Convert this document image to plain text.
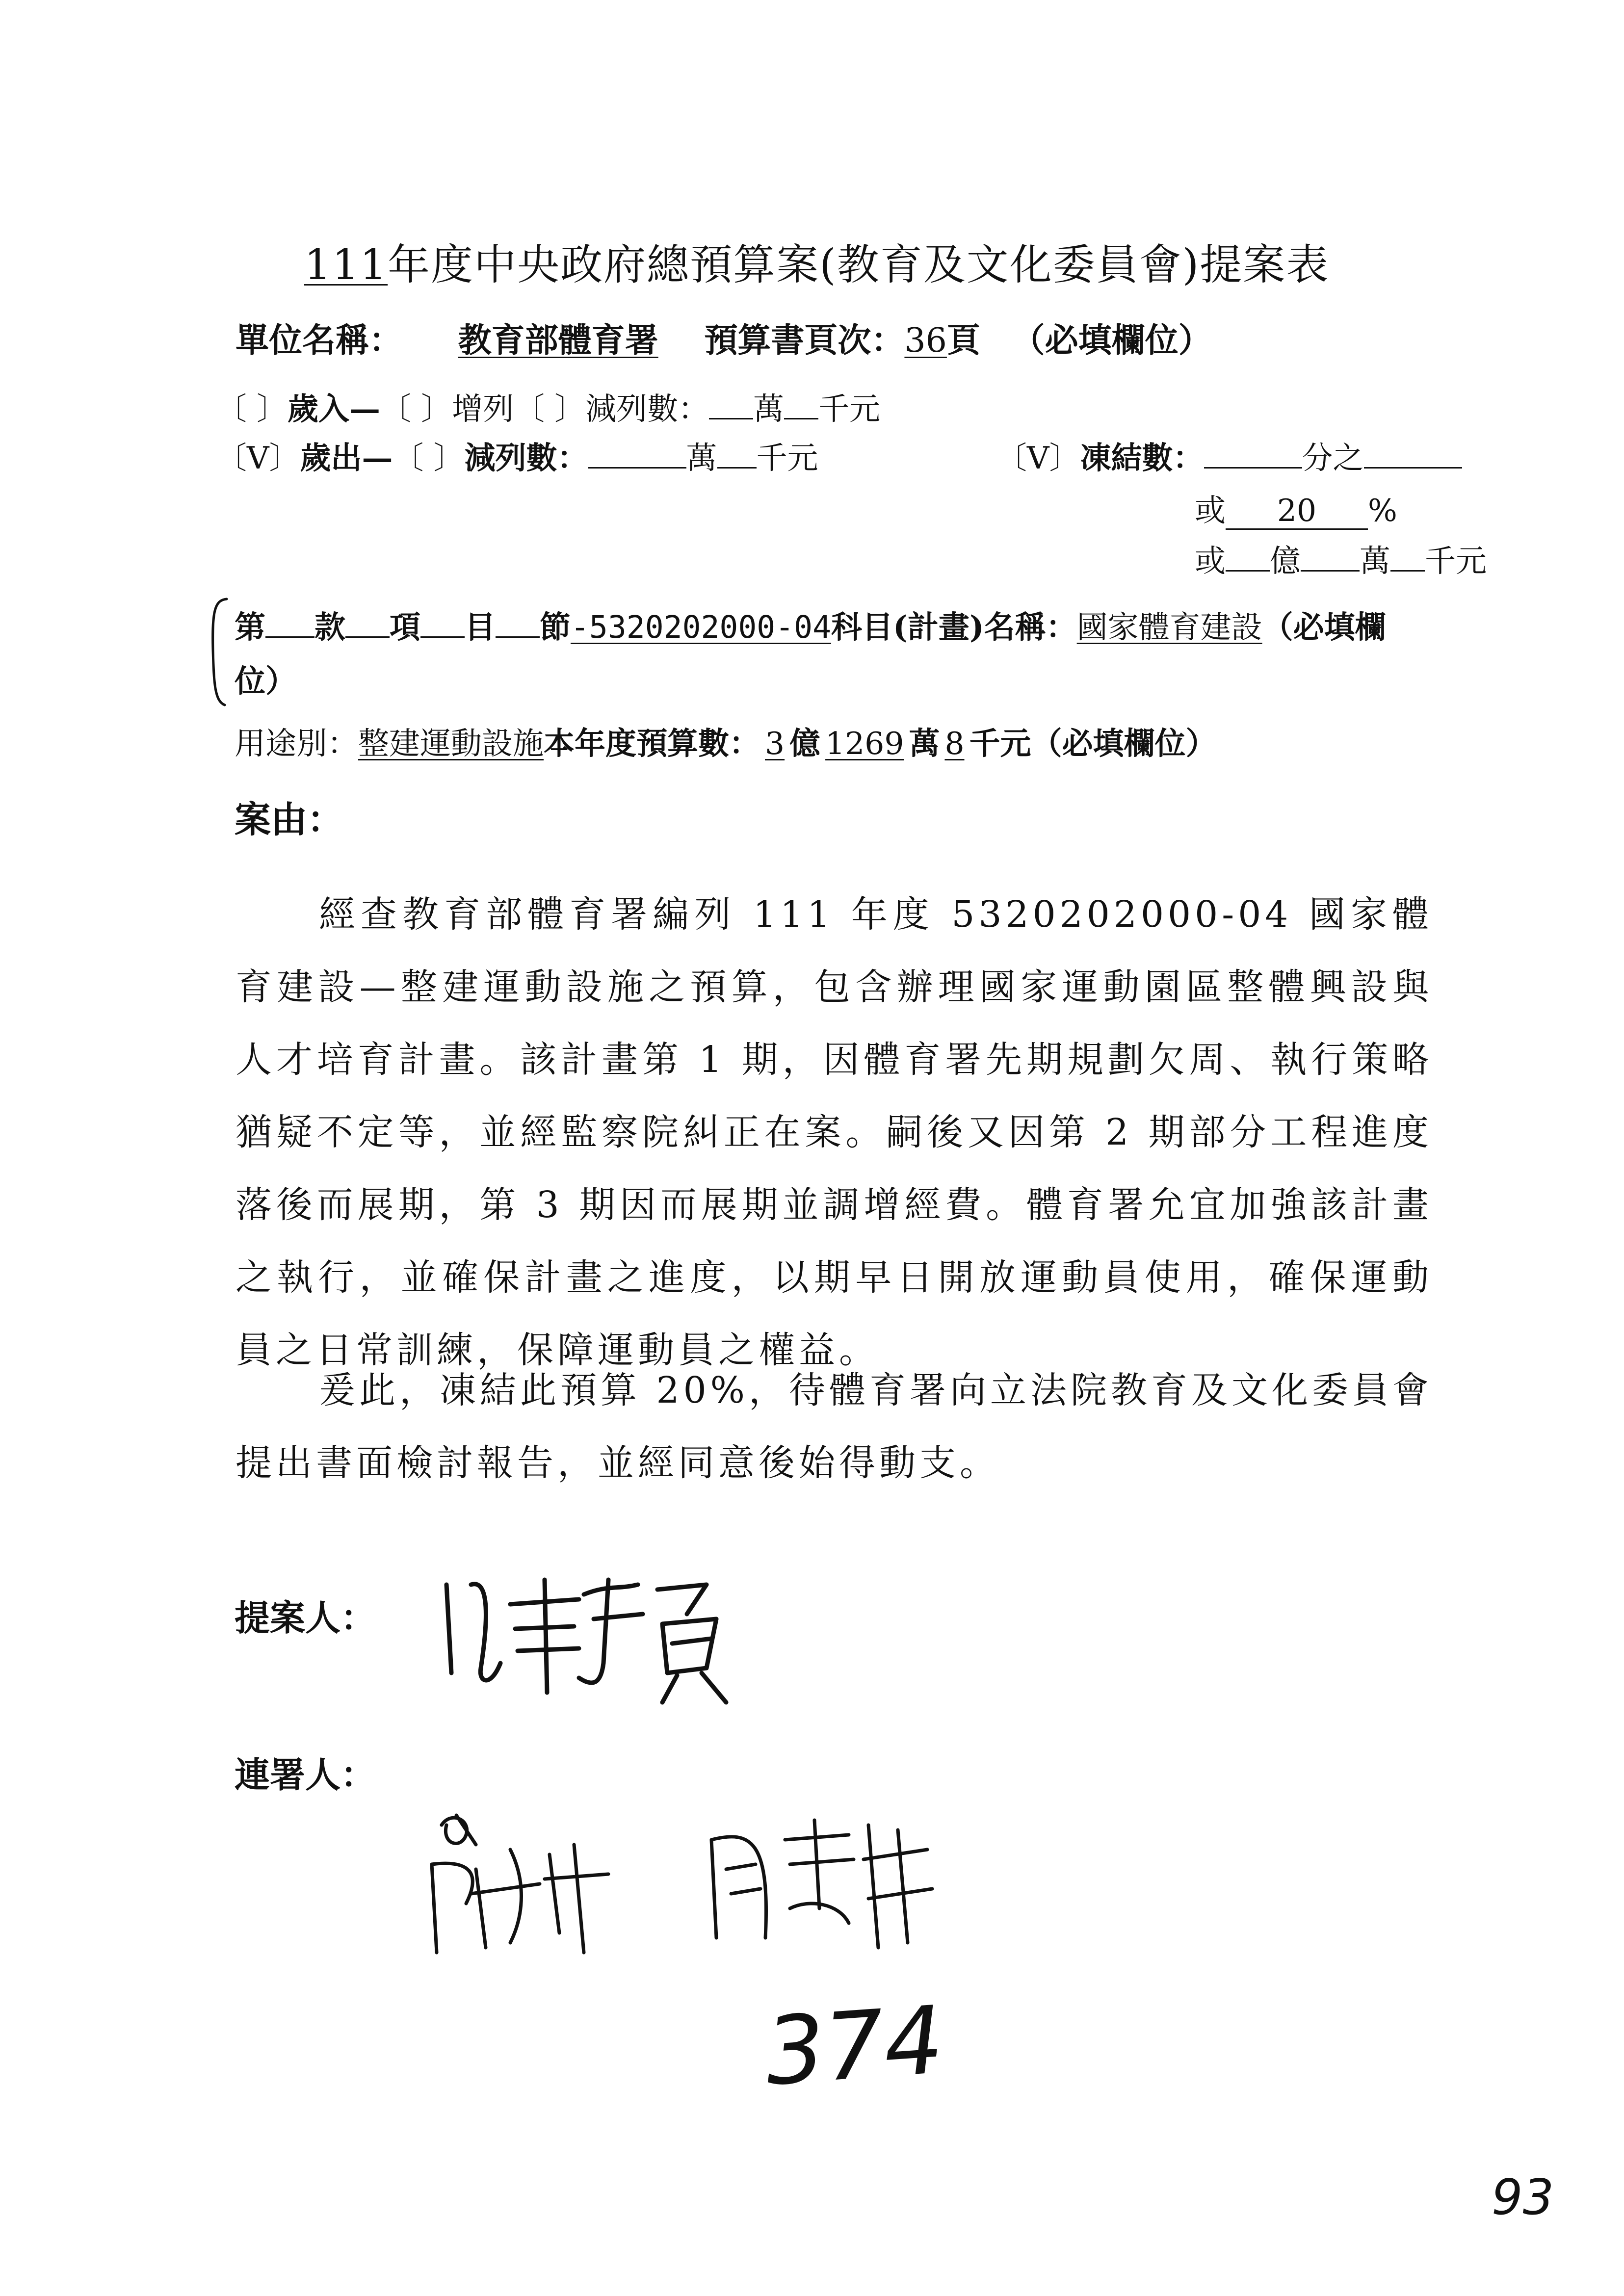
111年度中央政府總預算案(教育及文化委員會)提案表
單位名稱： 教育部體育署 預算書頁次：36頁 （必填欄位）
〔 〕歲入—〔 〕增列〔 〕減列數： 萬 千元
〔V〕歲出—〔 〕減列數：	萬 千元	〔V〕凍結數：	分之
或 20 %
或 億 萬 千元
第 款 項 目 節-5320202000-04科目(計畫)名稱：國家體育建設（必填欄
位）
用途別：整建運動設施本年度預算數： 3 億 1269 萬 8 千元（必填欄位）
案由：

經查教育部體育署編列 111 年度 5320202000-04 國家體育建設—整建運動設施之預算，包含辦理國家運動園區整體興設與人才培育計畫。該計畫第 1 期，因體育署先期規劃欠周、執行策略猶疑不定等，並經監察院糾正在案。嗣後又因第 2 期部分工程進度落後而展期，第 3 期因而展期並調增經費。體育署允宜加強該計畫之執行，並確保計畫之進度，以期早日開放運動員使用，確保運動員之日常訓練，保障運動員之權益。

爰此，凍結此預算 20%，待體育署向立法院教育及文化委員會提出書面檢討報告，並經同意後始得動支。

提案人：
連署人：
374
93
